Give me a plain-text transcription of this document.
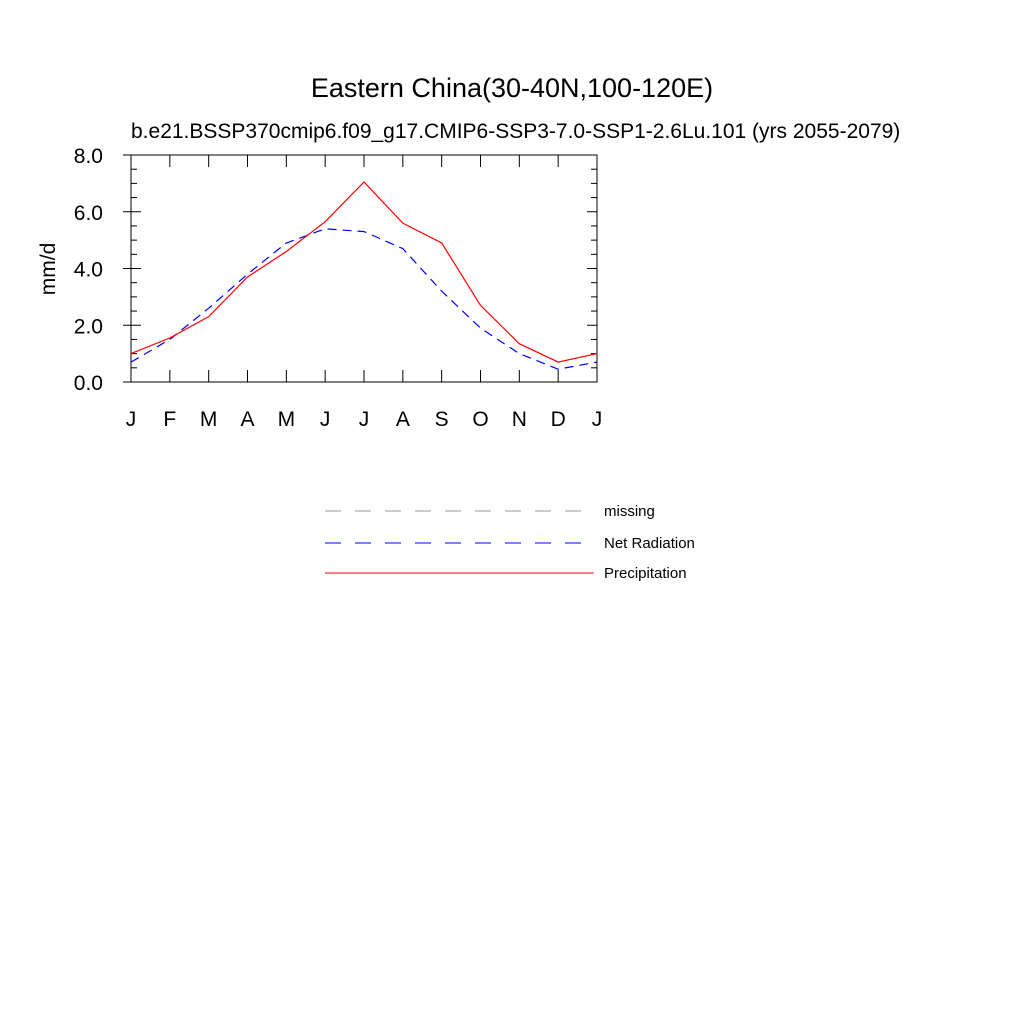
Eastern China(30-40N,100-120E)
b.e21.BSSP370cmip6.f09_g17.CMIP6-SSP3-7.0-SSP1-2.6Lu.101 (yrs 2055-2079)
mm/d
J F M A M J J A S O N D J
0.0
2.0
4.0
6.0
8.0
missing
Net Radiation
Precipitation
